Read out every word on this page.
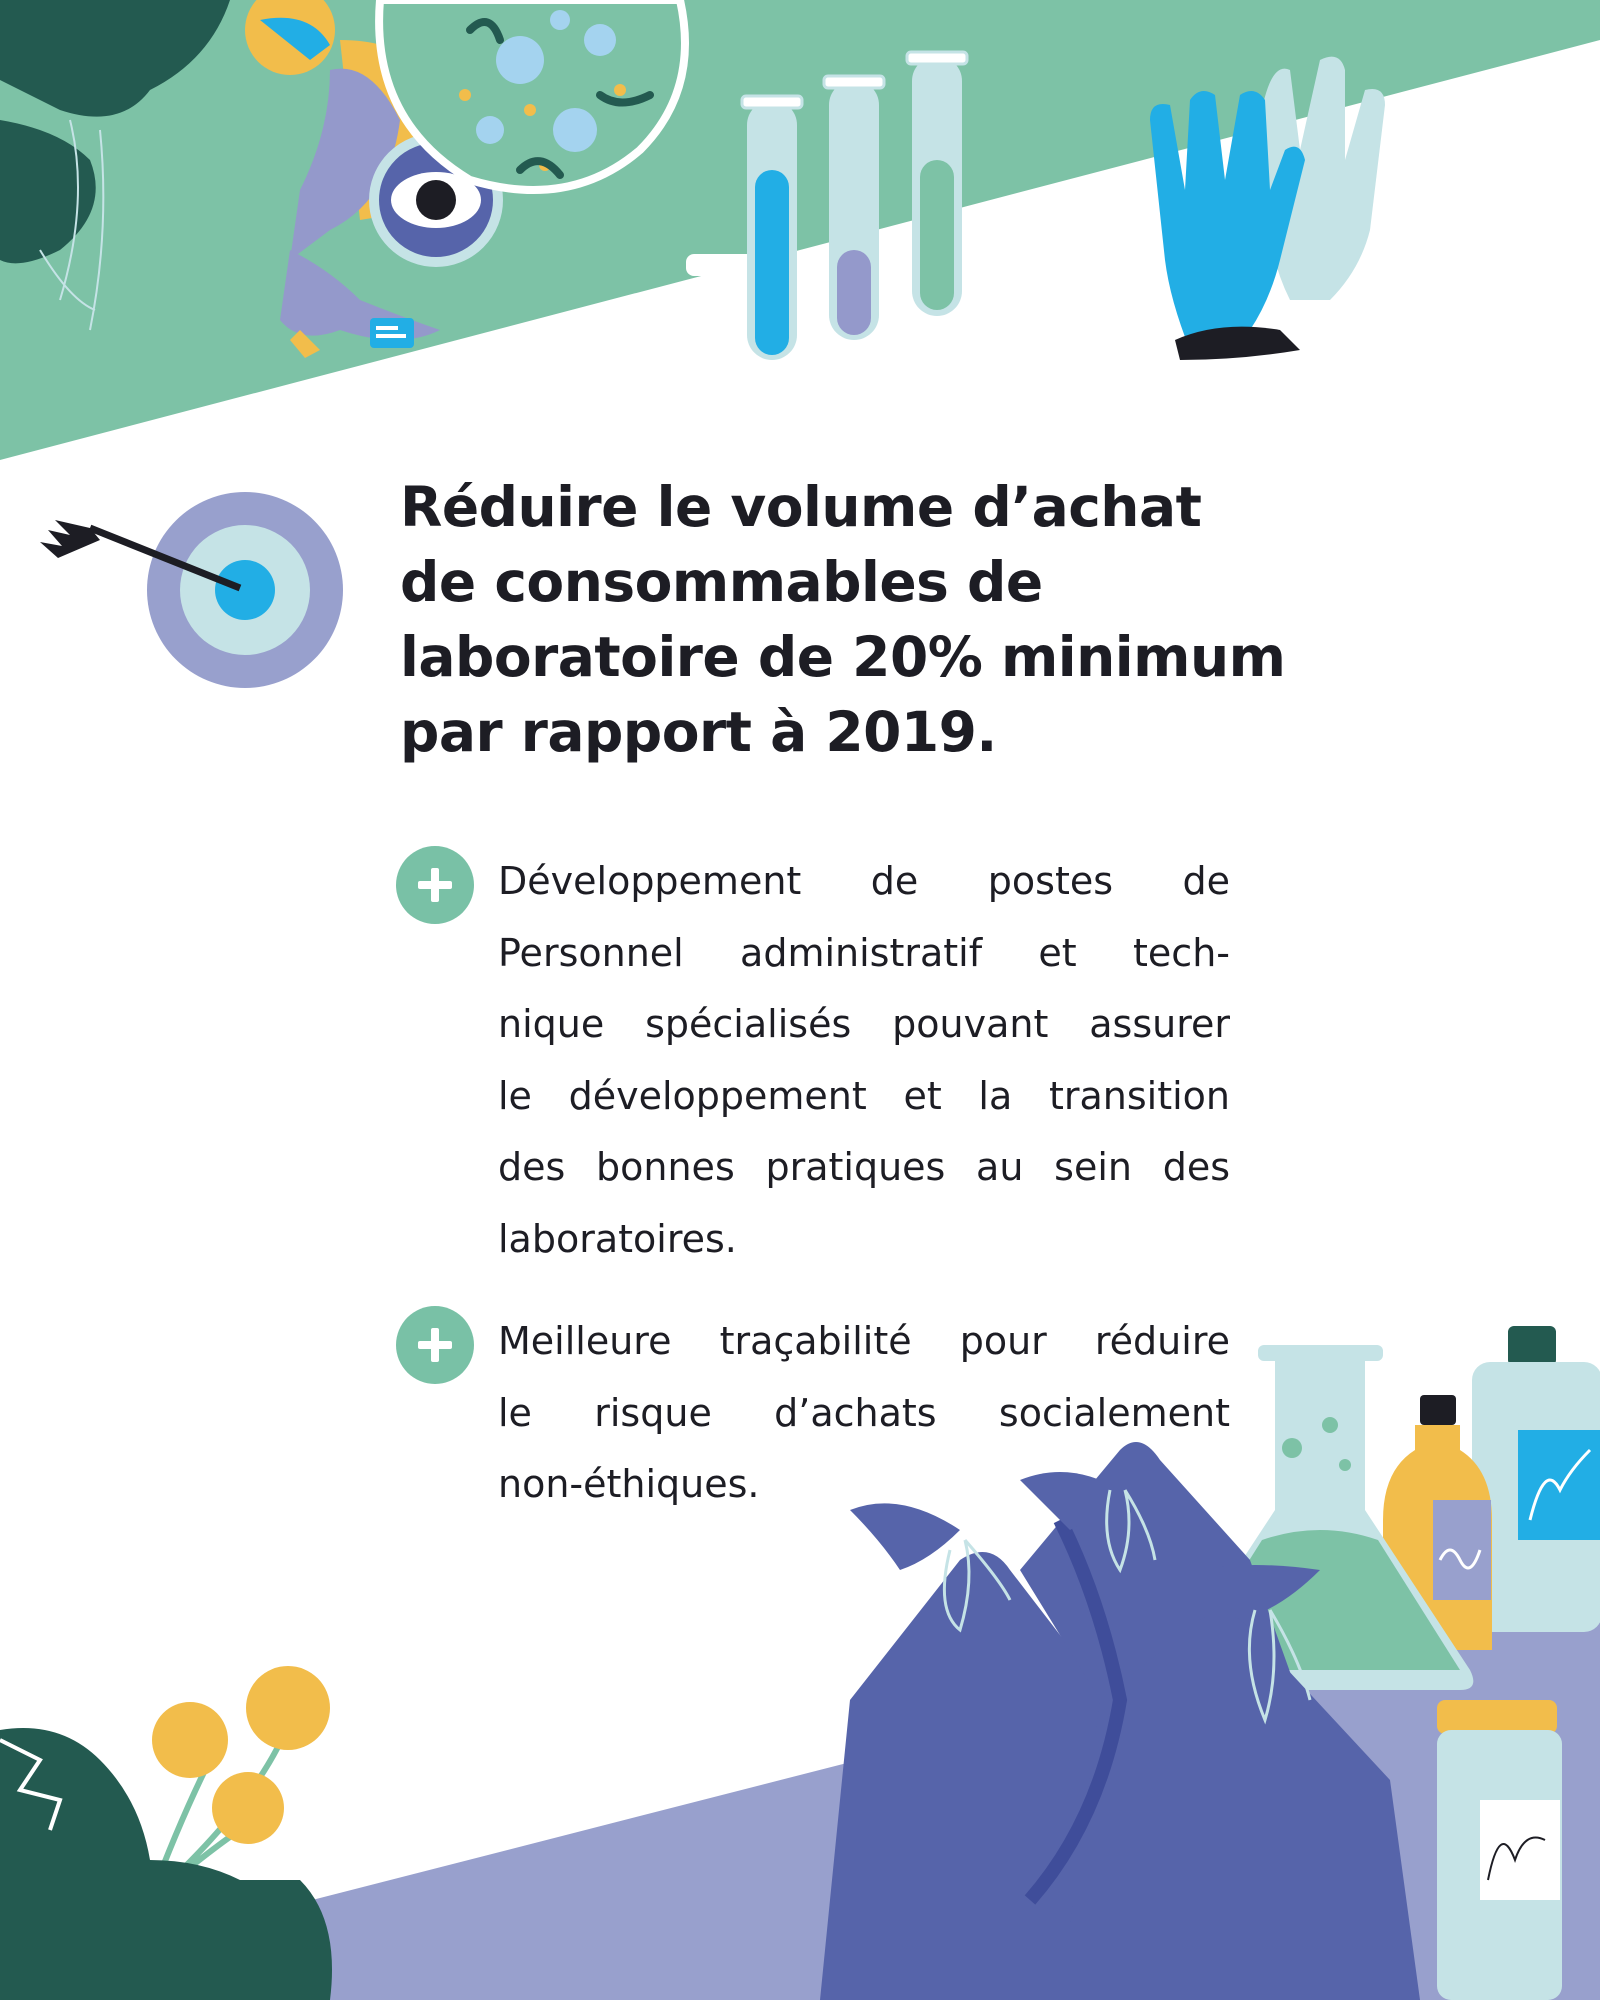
Réduire le volume d’achat
de consommables de
laboratoire de 20% minimum
par rapport à 2019.

Développement de postes de
Personnel administratif et tech-
nique spécialisés pouvant assurer
le développement et la transition
des bonnes pratiques au sein des
laboratoires.

Meilleure traçabilité pour réduire
le risque d’achats socialement
non-éthiques.
